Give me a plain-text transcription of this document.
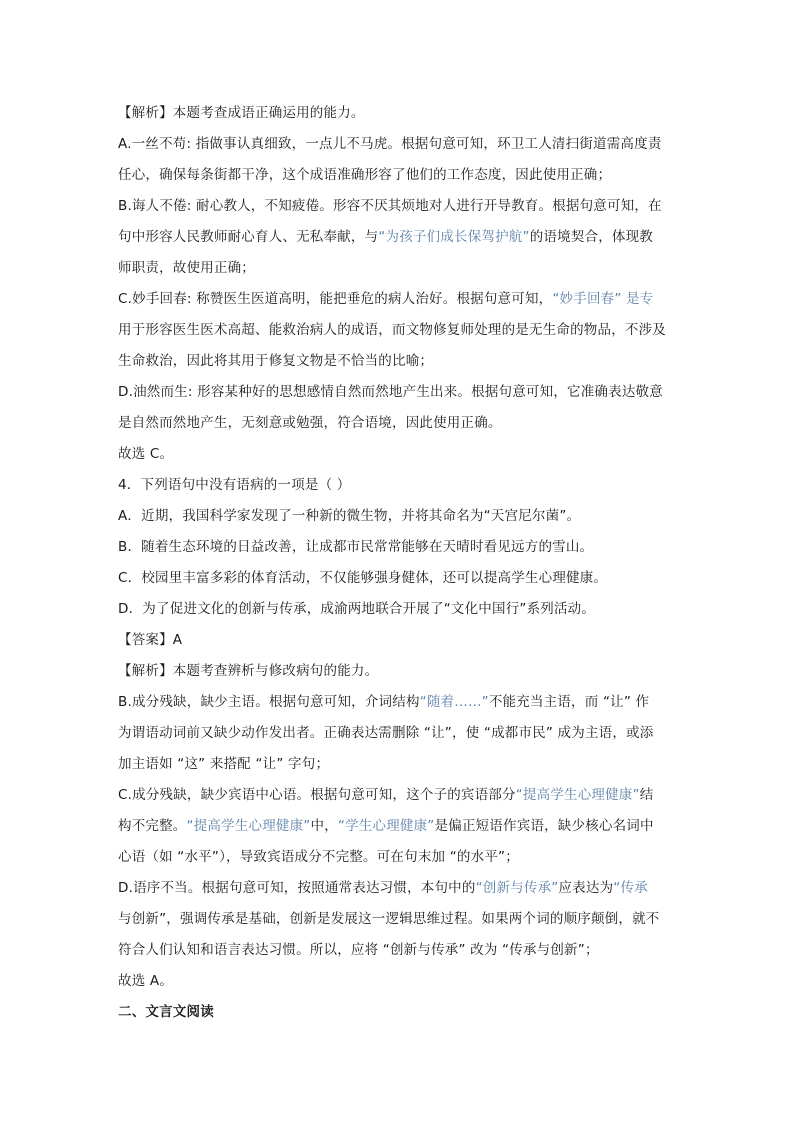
【解析】本题考查成语正确运用的能力。
A.一丝不苟: 指做事认真细致，一点儿不马虎。根据句意可知，环卫工人清扫街道需高度责
任心，确保每条街都干净，这个成语准确形容了他们的工作态度，因此使用正确；
B.诲人不倦: 耐心教人，不知疲倦。形容不厌其烦地对人进行开导教育。根据句意可知，在
句中形容人民教师耐心育人、无私奉献，与“为孩子们成长保驾护航”的语境契合，体现教
师职责，故使用正确；
C.妙手回春: 称赞医生医道高明，能把垂危的病人治好。根据句意可知，“妙手回春” 是专
用于形容医生医术高超、能救治病人的成语，而文物修复师处理的是无生命的物品，不涉及
生命救治，因此将其用于修复文物是不恰当的比喻；
D.油然而生: 形容某种好的思想感情自然而然地产生出来。根据句意可知，它准确表达敬意
是自然而然地产生，无刻意或勉强，符合语境，因此使用正确。
故选 C。
4．下列语句中没有语病的一项是（ ）
A．近期，我国科学家发现了一种新的微生物，并将其命名为“天宫尼尔菌”。
B．随着生态环境的日益改善，让成都市民常常能够在天晴时看见远方的雪山。
C．校园里丰富多彩的体育活动，不仅能够强身健体，还可以提高学生心理健康。
D．为了促进文化的创新与传承，成渝两地联合开展了“文化中国行”系列活动。
【答案】A
【解析】本题考查辨析与修改病句的能力。
B.成分残缺，缺少主语。根据句意可知，介词结构“随着……”不能充当主语，而 “让” 作
为谓语动词前又缺少动作发出者。正确表达需删除 “让”，使 “成都市民” 成为主语，或添
加主语如 “这” 来搭配 “让” 字句；
C.成分残缺，缺少宾语中心语。根据句意可知，这个子的宾语部分“提高学生心理健康”结
构不完整。“提高学生心理健康”中，“学生心理健康”是偏正短语作宾语，缺少核心名词中
心语（如 “水平”），导致宾语成分不完整。可在句末加 “的水平”；
D.语序不当。根据句意可知，按照通常表达习惯，本句中的“创新与传承”应表达为“传承
与创新”，强调传承是基础，创新是发展这一逻辑思维过程。如果两个词的顺序颠倒，就不
符合人们认知和语言表达习惯。所以，应将 “创新与传承” 改为 “传承与创新”；
故选 A。
二、文言文阅读
